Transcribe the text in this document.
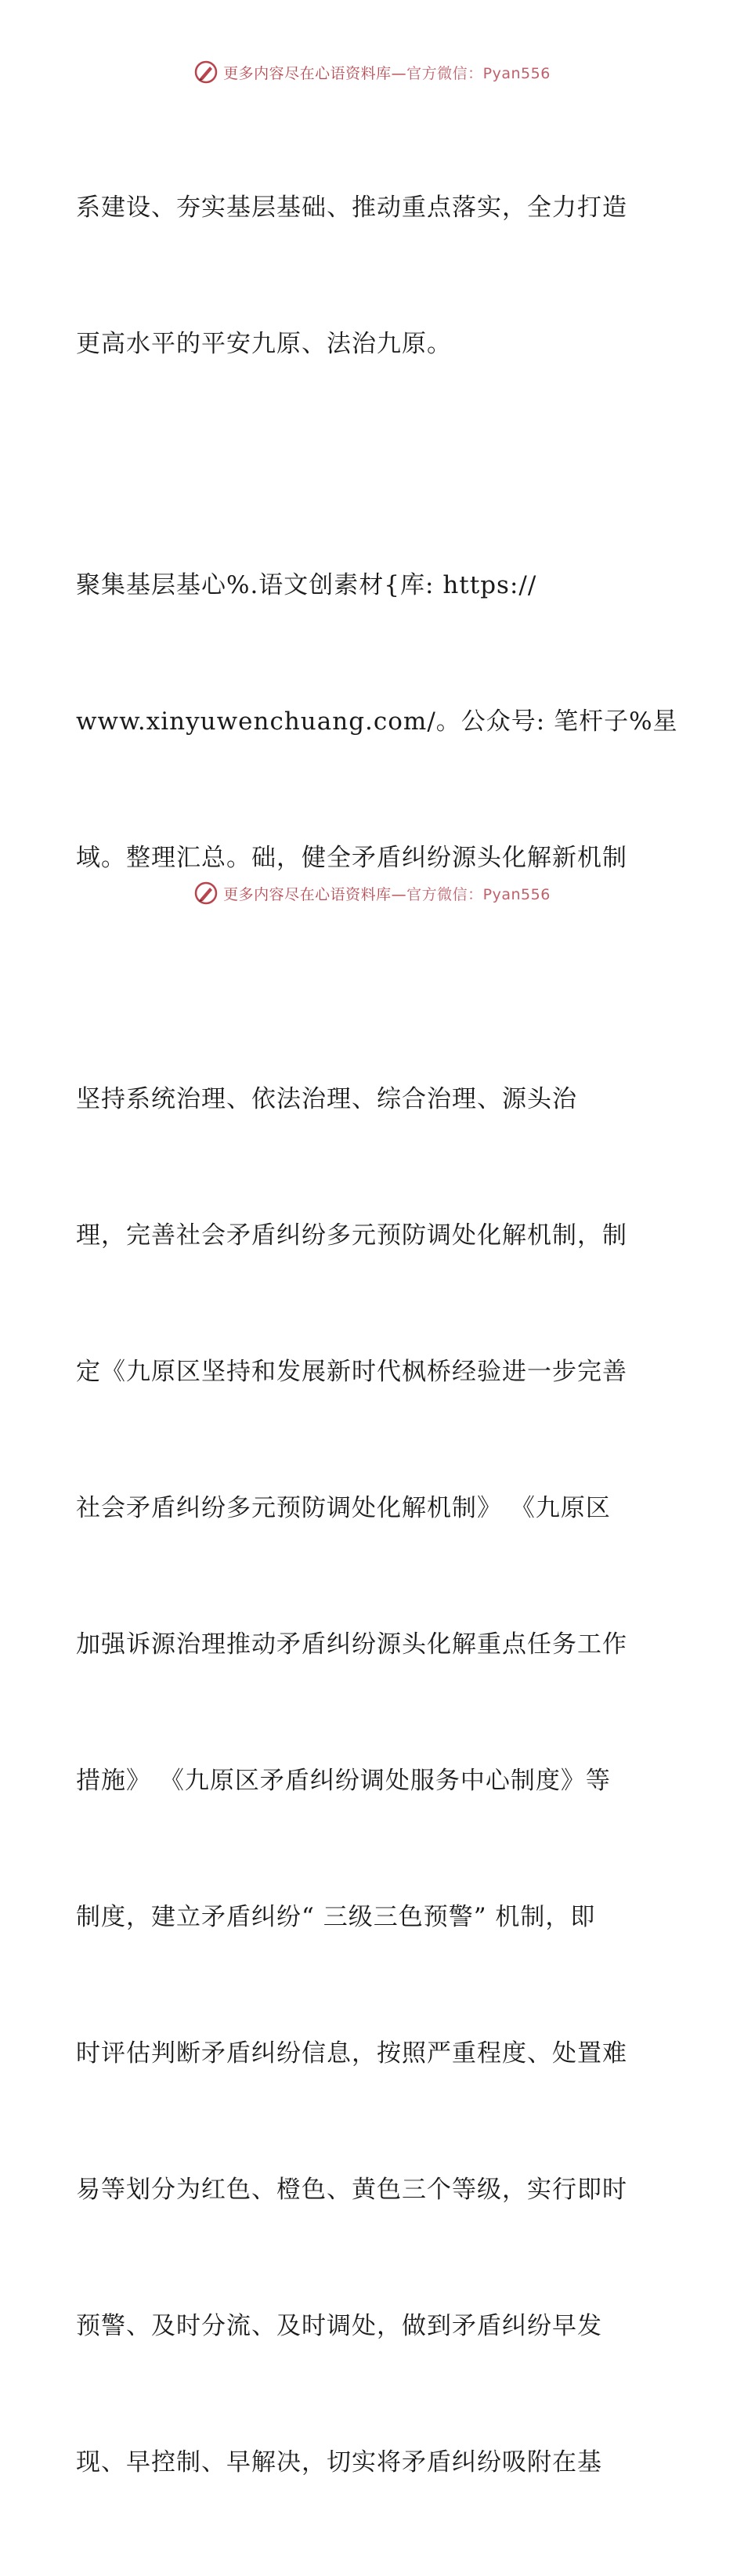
更多内容尽在心语资料库—官方微信：Pyan556

系建设、夯实基层基础、推动重点落实，全力打造

更高水平的平安九原、法治九原。

聚集基层基心%.语文创素材{库: https://

www.xinyuwenchuang.com/。公众号: 笔杆子%星

域。整理汇总。础，健全矛盾纠纷源头化解新机制

坚持系统治理、依法治理、综合治理、源头治

理，完善社会矛盾纠纷多元预防调处化解机制，制

定《九原区坚持和发展新时代枫桥经验进一步完善

社会矛盾纠纷多元预防调处化解机制》 《九原区

加强诉源治理推动矛盾纠纷源头化解重点任务工作

措施》 《九原区矛盾纠纷调处服务中心制度》等

制度，建立矛盾纠纷“ 三级三色预警” 机制，即

时评估判断矛盾纠纷信息，按照严重程度、处置难

易等划分为红色、橙色、黄色三个等级，实行即时

预警、及时分流、及时调处，做到矛盾纠纷早发

现、早控制、早解决，切实将矛盾纠纷吸附在基

更多内容尽在心语资料库—官方微信：Pyan556
